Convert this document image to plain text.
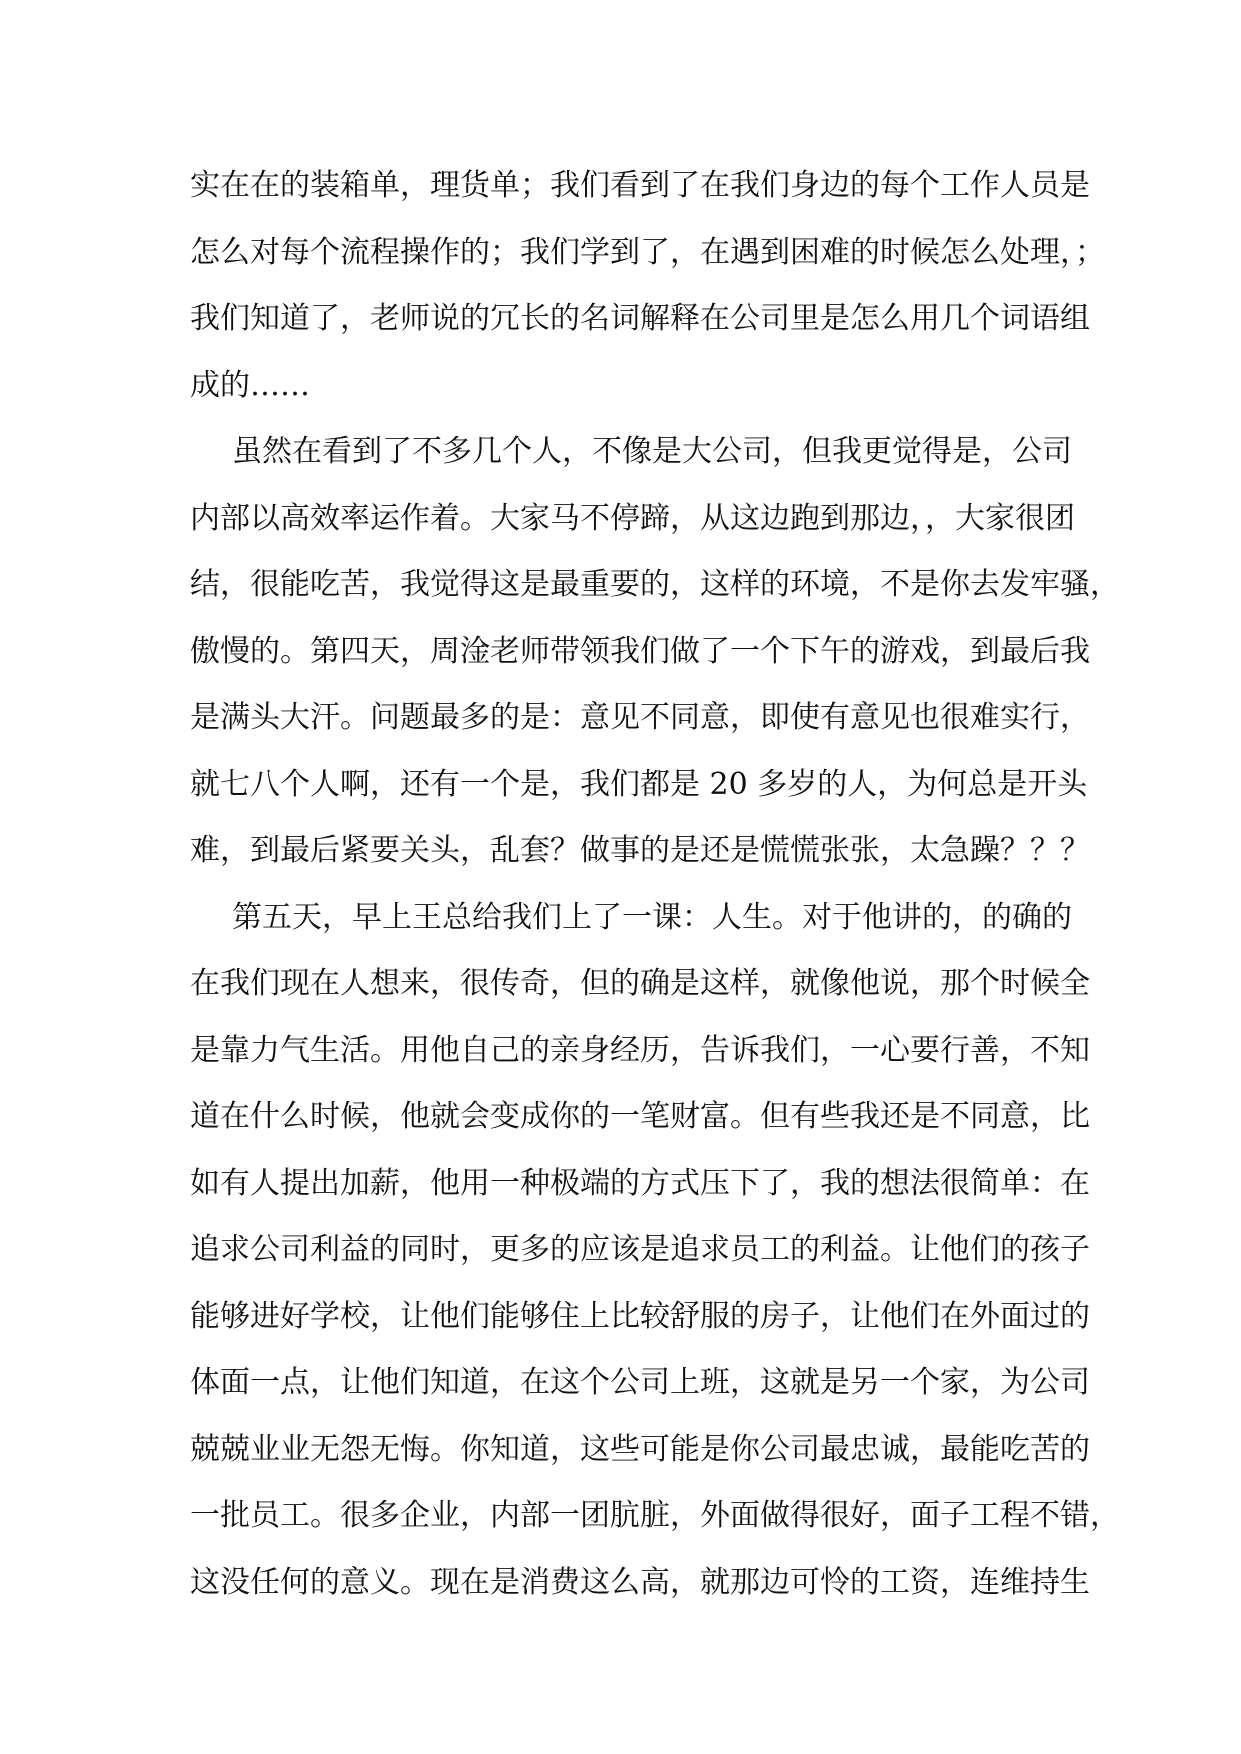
实在在的装箱单，理货单；我们看到了在我们身边的每个工作人员是
怎么对每个流程操作的；我们学到了，在遇到困难的时候怎么处理，；
我们知道了，老师说的冗长的名词解释在公司里是怎么用几个词语组
成的……
虽然在看到了不多几个人，不像是大公司，但我更觉得是，公司
内部以高效率运作着。大家马不停蹄，从这边跑到那边，，大家很团
结，很能吃苦，我觉得这是最重要的，这样的环境，不是你去发牢骚，
傲慢的。第四天，周淦老师带领我们做了一个下午的游戏，到最后我
是满头大汗。问题最多的是：意见不同意，即使有意见也很难实行，
就七八个人啊，还有一个是，我们都是 20 多岁的人，为何总是开头
难，到最后紧要关头，乱套？做事的是还是慌慌张张，太急躁？？？
第五天，早上王总给我们上了一课：人生。对于他讲的，的确的
在我们现在人想来，很传奇，但的确是这样，就像他说，那个时候全
是靠力气生活。用他自己的亲身经历，告诉我们，一心要行善，不知
道在什么时候，他就会变成你的一笔财富。但有些我还是不同意，比
如有人提出加薪，他用一种极端的方式压下了，我的想法很简单：在
追求公司利益的同时，更多的应该是追求员工的利益。让他们的孩子
能够进好学校，让他们能够住上比较舒服的房子，让他们在外面过的
体面一点，让他们知道，在这个公司上班，这就是另一个家，为公司
兢兢业业无怨无悔。你知道，这些可能是你公司最忠诚，最能吃苦的
一批员工。很多企业，内部一团肮脏，外面做得很好，面子工程不错，
这没任何的意义。现在是消费这么高，就那边可怜的工资，连维持生
